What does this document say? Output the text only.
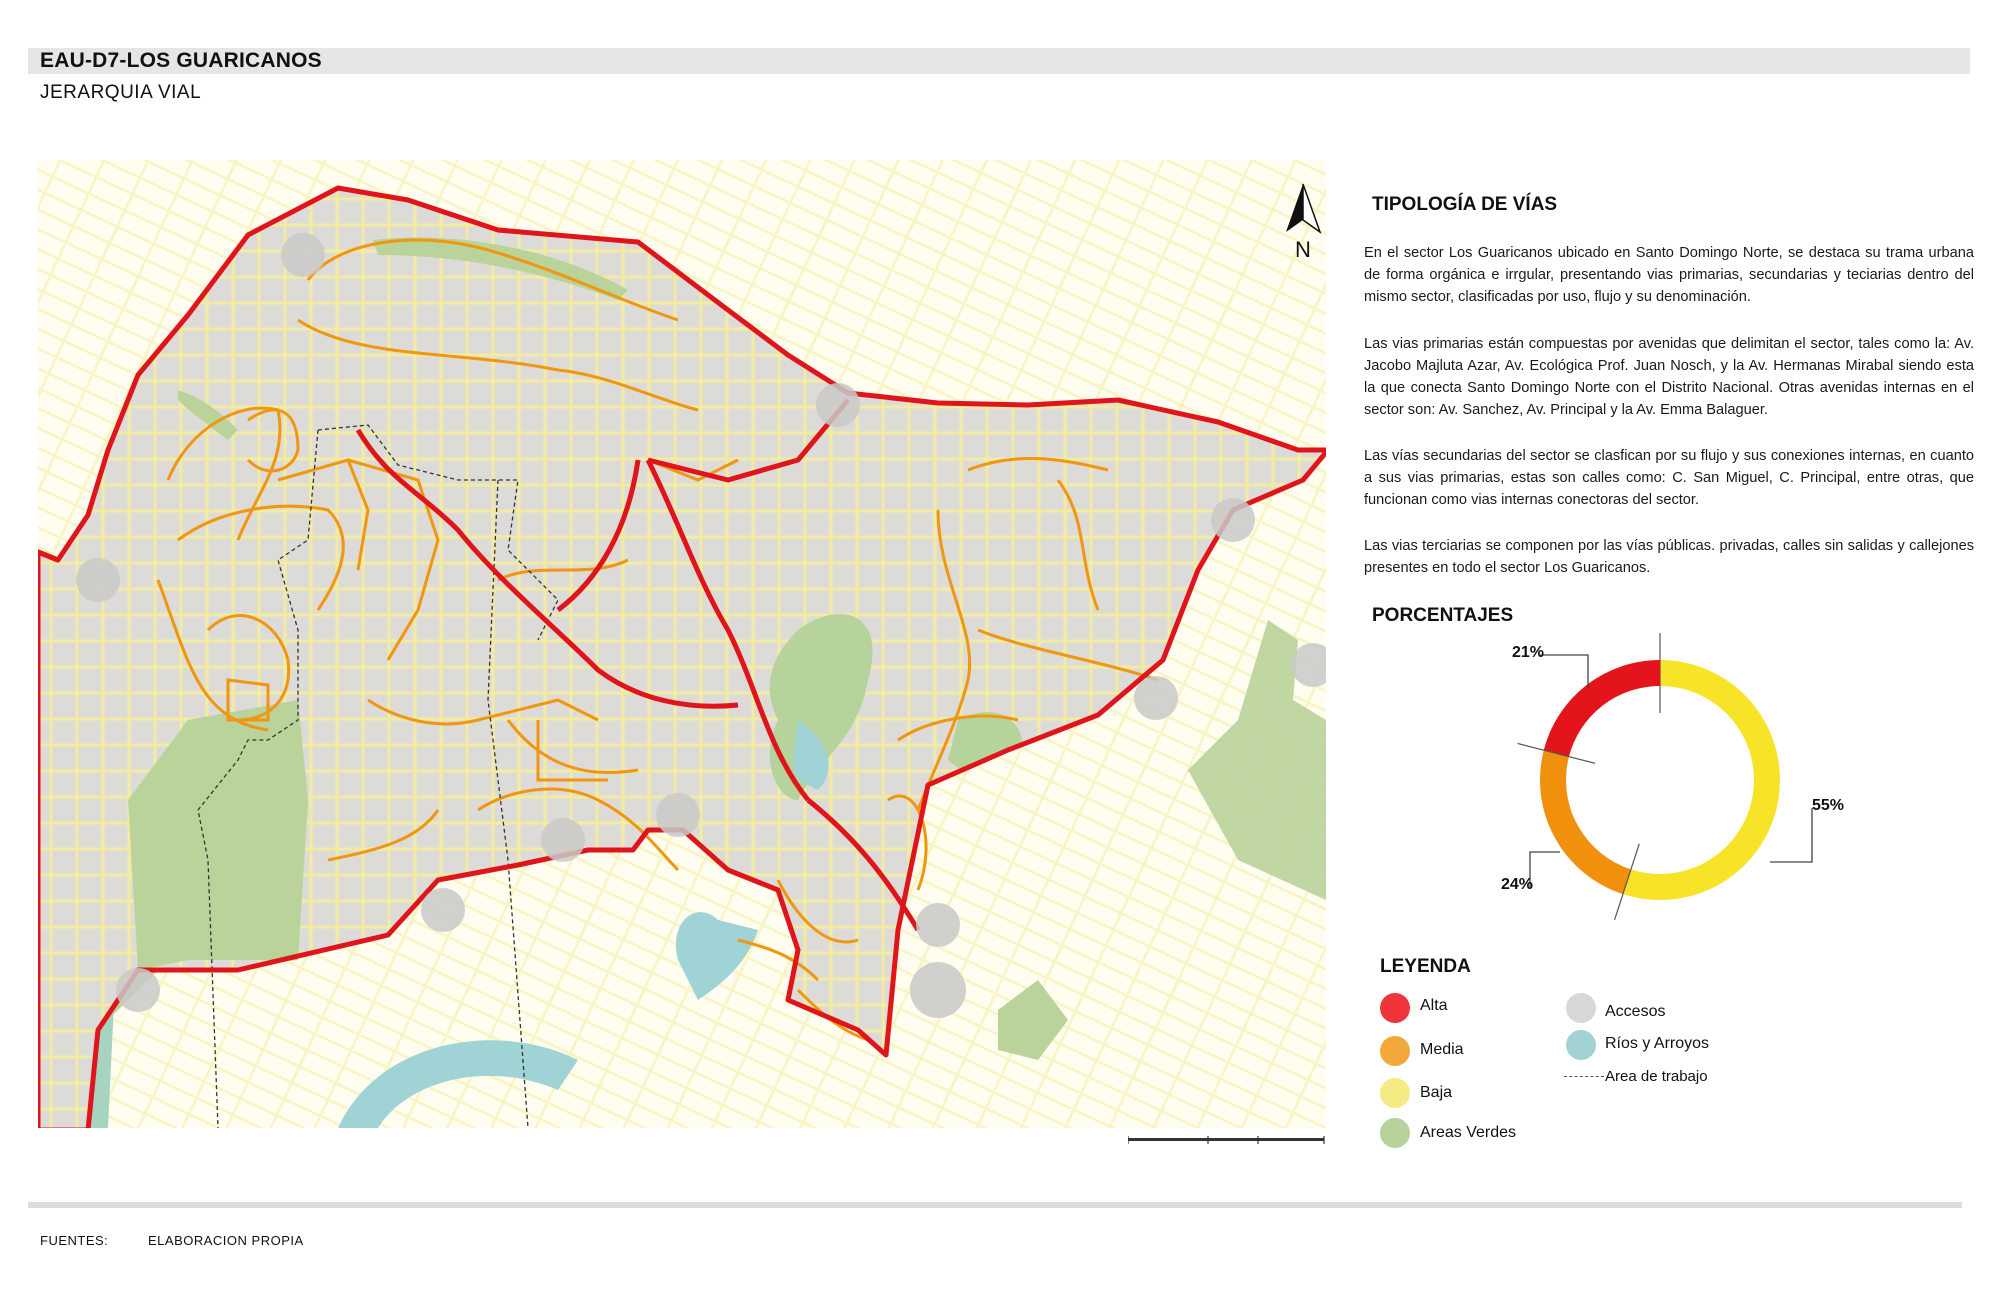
EAU-D7-LOS GUARICANOS
JERARQUIA VIAL
N
TIPOLOGÍA DE VÍAS
En el sector Los Guaricanos ubicado en Santo Domingo Norte, se destaca su trama urbana de forma orgánica e irrgular, presentando vias primarias, secundarias y teciarias dentro del mismo sector, clasificadas por uso, flujo y su denominación.
Las vias primarias están compuestas por avenidas que delimitan el sector, tales como la: Av. Jacobo Majluta Azar, Av. Ecológica Prof. Juan Nosch, y la Av. Hermanas Mirabal siendo esta la que conecta Santo Domingo Norte con el Distrito Nacional. Otras avenidas internas en el sector son: Av. Sanchez, Av. Principal y la Av. Emma Balaguer.
Las vías secundarias del sector se clasfican por su flujo y sus conexiones internas, en cuanto a sus vias primarias, estas son calles como: C. San Miguel, C. Principal, entre otras, que funcionan como vias internas conectoras del sector.
Las vias terciarias se componen por las vías públicas. privadas, calles sin salidas y callejones presentes en todo el sector Los Guaricanos.
PORCENTAJES
21%
24%
55%
LEYENDA
Alta
Media
Baja
Areas Verdes
Accesos
Ríos y Arroyos
Area de trabajo
FUENTES:	ELABORACION PROPIA
